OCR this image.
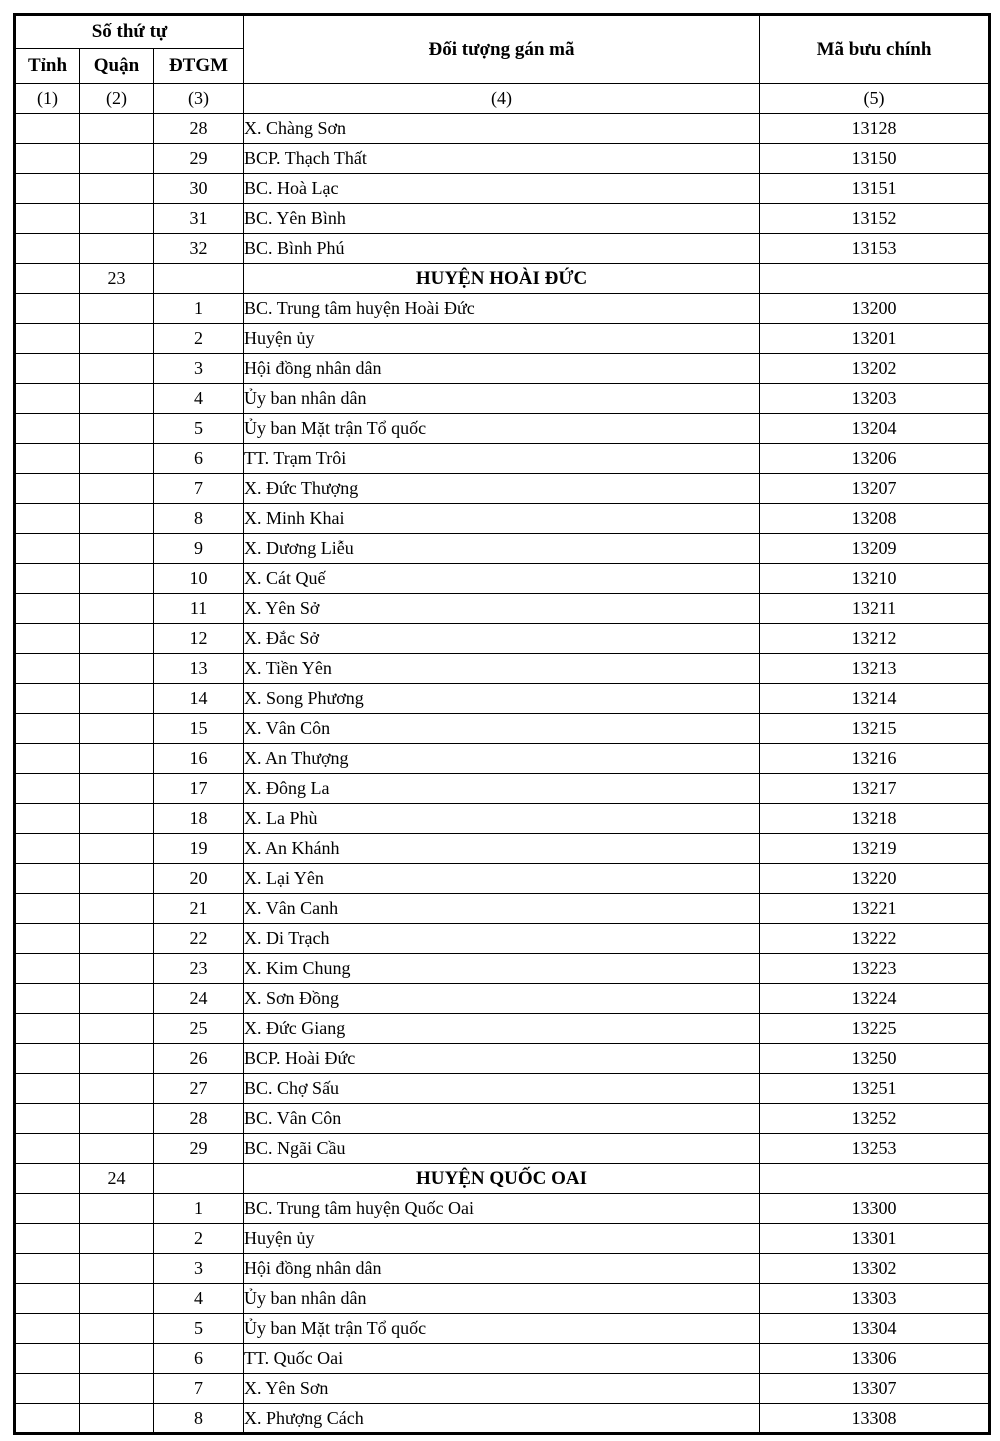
Số thứ tự			Đối tượng gán mã	Mã bưu chính
Tỉnh	Quận	ĐTGM		
(1)	(2)	(3)	(4)	(5)
		28	X. Chàng Sơn	13128
		29	BCP. Thạch Thất	13150
		30	BC. Hoà Lạc	13151
		31	BC. Yên Bình	13152
		32	BC. Bình Phú	13153
	23		HUYỆN HOÀI ĐỨC	
		1	BC. Trung tâm huyện Hoài Đức	13200
		2	Huyện ủy	13201
		3	Hội đồng nhân dân	13202
		4	Ủy ban nhân dân	13203
		5	Ủy ban Mặt trận Tổ quốc	13204
		6	TT. Trạm Trôi	13206
		7	X. Đức Thượng	13207
		8	X. Minh Khai	13208
		9	X. Dương Liễu	13209
		10	X. Cát Quế	13210
		11	X. Yên Sở	13211
		12	X. Đắc Sở	13212
		13	X. Tiền Yên	13213
		14	X. Song Phương	13214
		15	X. Vân Côn	13215
		16	X. An Thượng	13216
		17	X. Đông La	13217
		18	X. La Phù	13218
		19	X. An Khánh	13219
		20	X. Lại Yên	13220
		21	X. Vân Canh	13221
		22	X. Di Trạch	13222
		23	X. Kim Chung	13223
		24	X. Sơn Đồng	13224
		25	X. Đức Giang	13225
		26	BCP. Hoài Đức	13250
		27	BC. Chợ Sấu	13251
		28	BC. Vân Côn	13252
		29	BC. Ngãi Cầu	13253
	24		HUYỆN QUỐC OAI	
		1	BC. Trung tâm huyện Quốc Oai	13300
		2	Huyện ủy	13301
		3	Hội đồng nhân dân	13302
		4	Ủy ban nhân dân	13303
		5	Ủy ban Mặt trận Tổ quốc	13304
		6	TT. Quốc Oai	13306
		7	X. Yên Sơn	13307
		8	X. Phượng Cách	13308
